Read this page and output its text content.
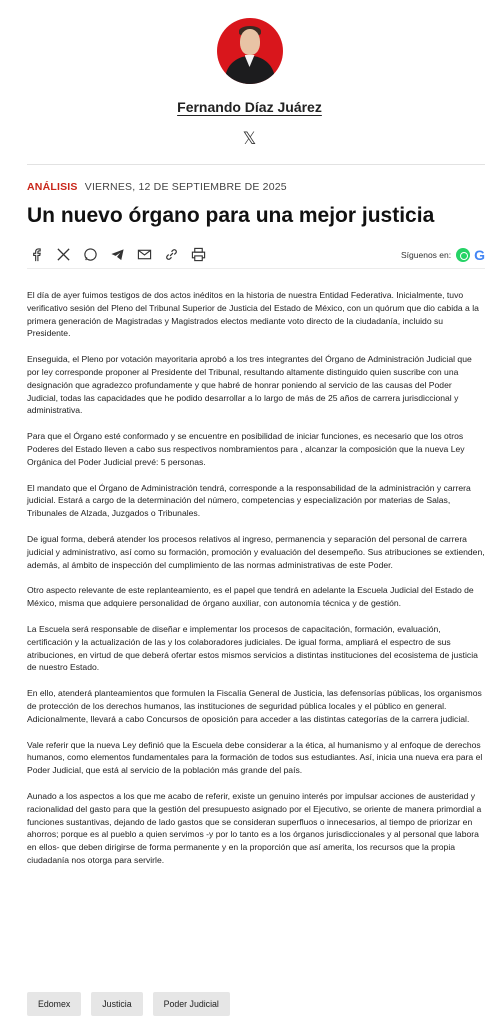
Fernando Díaz Juárez
𝕏
ANÁLISIS VIERNES, 12 DE SEPTIEMBRE DE 2025
Un nuevo órgano para una mejor justicia
Síguenos en: G

El día de ayer fuimos testigos de dos actos inéditos en la historia de nuestra Entidad Federativa. Inicialmente, tuvo verificativo sesión del Pleno del Tribunal Superior de Justicia del Estado de México, con un quórum que dio cabida a la primera generación de Magistradas y Magistrados electos mediante voto directo de la ciudadanía, incluido su Presidente.

Enseguida, el Pleno por votación mayoritaria aprobó a los tres integrantes del Órgano de Administración Judicial que por ley corresponde proponer al Presidente del Tribunal, resultando altamente distinguido quien suscribe con una designación que agradezco profundamente y que habré de honrar poniendo al servicio de las causas del Poder Judicial, todas las capacidades que he podido desarrollar a lo largo de más de 25 años de carrera jurisdiccional y administrativa.

Para que el Órgano esté conformado y se encuentre en posibilidad de iniciar funciones, es necesario que los otros Poderes del Estado lleven a cabo sus respectivos nombramientos para , alcanzar la composición que la nueva Ley Orgánica del Poder Judicial prevé: 5 personas.

El mandato que el Órgano de Administración tendrá, corresponde a la responsabilidad de la administración y carrera judicial. Estará a cargo de la determinación del número, competencias y especialización por materias de Salas, Tribunales de Alzada, Juzgados o Tribunales.

De igual forma, deberá atender los procesos relativos al ingreso, permanencia y separación del personal de carrera judicial y administrativo, así como su formación, promoción y evaluación del desempeño. Sus atribuciones se extienden, además, al ámbito de inspección del cumplimiento de las normas administrativas de este Poder.

Otro aspecto relevante de este replanteamiento, es el papel que tendrá en adelante la Escuela Judicial del Estado de México, misma que adquiere personalidad de órgano auxiliar, con autonomía técnica y de gestión.

La Escuela será responsable de diseñar e implementar los procesos de capacitación, formación, evaluación, certificación y la actualización de las y los colaboradores judiciales. De igual forma, ampliará el espectro de sus atribuciones, en virtud de que deberá ofertar estos mismos servicios a distintas instituciones del ecosistema de justicia de nuestro Estado.

En ello, atenderá planteamientos que formulen la Fiscalía General de Justicia, las defensorías públicas, los organismos de protección de los derechos humanos, las instituciones de seguridad pública locales y el público en general. Adicionalmente, llevará a cabo Concursos de oposición para acceder a las distintas categorías de la carrera judicial.

Vale referir que la nueva Ley definió que la Escuela debe considerar a la ética, al humanismo y al enfoque de derechos humanos, como elementos fundamentales para la formación de todos sus estudiantes. Así, inicia una nueva era para el Poder Judicial, que está al servicio de la población más grande del país.

Aunado a los aspectos a los que me acabo de referir, existe un genuino interés por impulsar acciones de austeridad y racionalidad del gasto para que la gestión del presupuesto asignado por el Ejecutivo, se oriente de manera primordial a funciones sustantivas, dejando de lado gastos que se consideran superfluos o innecesarios, al tiempo de priorizar en ahorros; porque es al pueblo a quien servimos -y por lo tanto es a los órganos jurisdiccionales y al personal que labora en ellos- que deben dirigirse de forma permanente y en la proporción que así amerita, los recursos que la propia ciudadanía nos otorga para servirle.

Edomex	Justicia	Poder Judicial
